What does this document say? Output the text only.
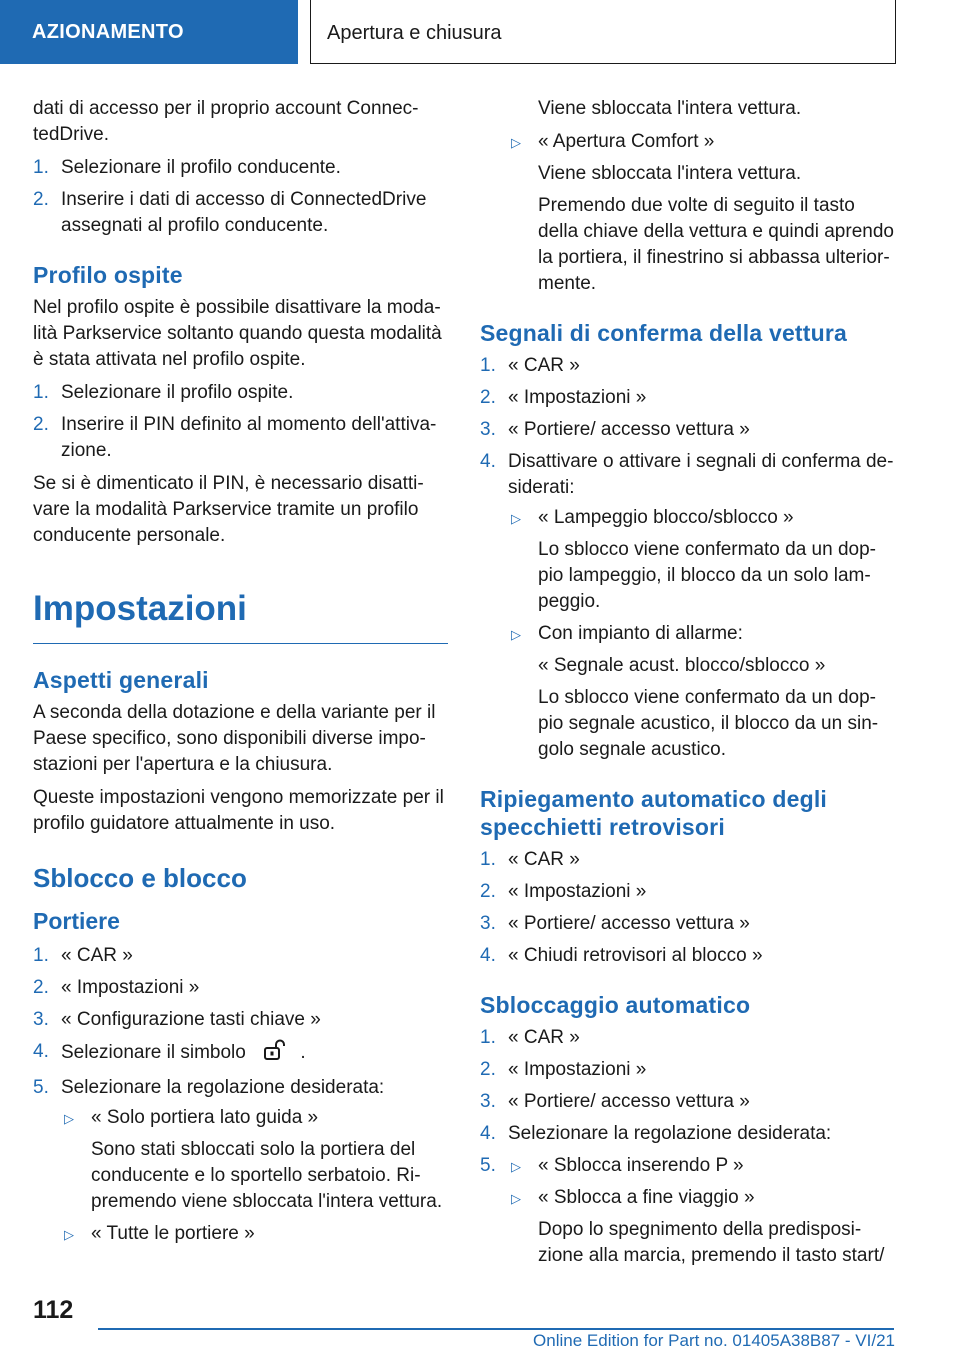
AZIONAMENTO	Apertura e chiusura

dati di accesso per il proprio account Connec-tedDrive.

1. Selezionare il profilo conducente.
2. Inserire i dati di accesso di ConnectedDrive assegnati al profilo conducente.
Profilo ospite

Nel profilo ospite è possibile disattivare la moda-lità Parkservice soltanto quando questa modalità è stata attivata nel profilo ospite.

1. Selezionare il profilo ospite.
2. Inserire il PIN definito al momento dell'attiva-zione.

Se si è dimenticato il PIN, è necessario disatti-vare la modalità Parkservice tramite un profilo conducente personale.

Impostazioni
Aspetti generali

A seconda della dotazione e della variante per il Paese specifico, sono disponibili diverse impo-stazioni per l'apertura e la chiusura.

Queste impostazioni vengono memorizzate per il profilo guidatore attualmente in uso.

Sblocco e blocco
Portiere
1. « CAR »
2. « Impostazioni »
3. « Configurazione tasti chiave »
4. Selezionare il simbolo	.
5. Selezionare la regolazione desiderata:
▷ « Solo portiera lato guida »

Sono stati sbloccati solo la portiera del conducente e lo sportello serbatoio. Ri-premendo viene sbloccata l'intera vettura.

▷ « Tutte le portiere »

Viene sbloccata l'intera vettura.

▷ « Apertura Comfort »

Viene sbloccata l'intera vettura.

Premendo due volte di seguito il tasto della chiave della vettura e quindi aprendo la portiera, il finestrino si abbassa ulterior-mente.

Segnali di conferma della vettura
1. « CAR »
2. « Impostazioni »
3. « Portiere/ accesso vettura »
4. Disattivare o attivare i segnali di conferma de-siderati:
▷ « Lampeggio blocco/sblocco »

Lo sblocco viene confermato da un dop-pio lampeggio, il blocco da un solo lam-peggio.

▷ Con impianto di allarme:

« Segnale acust. blocco/sblocco »

Lo sblocco viene confermato da un dop-pio segnale acustico, il blocco da un sin-golo segnale acustico.

Ripiegamento automatico degli specchietti retrovisori
1. « CAR »
2. « Impostazioni »
3. « Portiere/ accesso vettura »
4. « Chiudi retrovisori al blocco »
Sbloccaggio automatico
1. « CAR »
2. « Impostazioni »
3. « Portiere/ accesso vettura »
4. Selezionare la regolazione desiderata:
5. ▷ « Sblocca inserendo P »
▷ « Sblocca a fine viaggio »

Dopo lo spegnimento della predisposi-zione alla marcia, premendo il tasto start/

112
Online Edition for Part no. 01405A38B87 - VI/21
